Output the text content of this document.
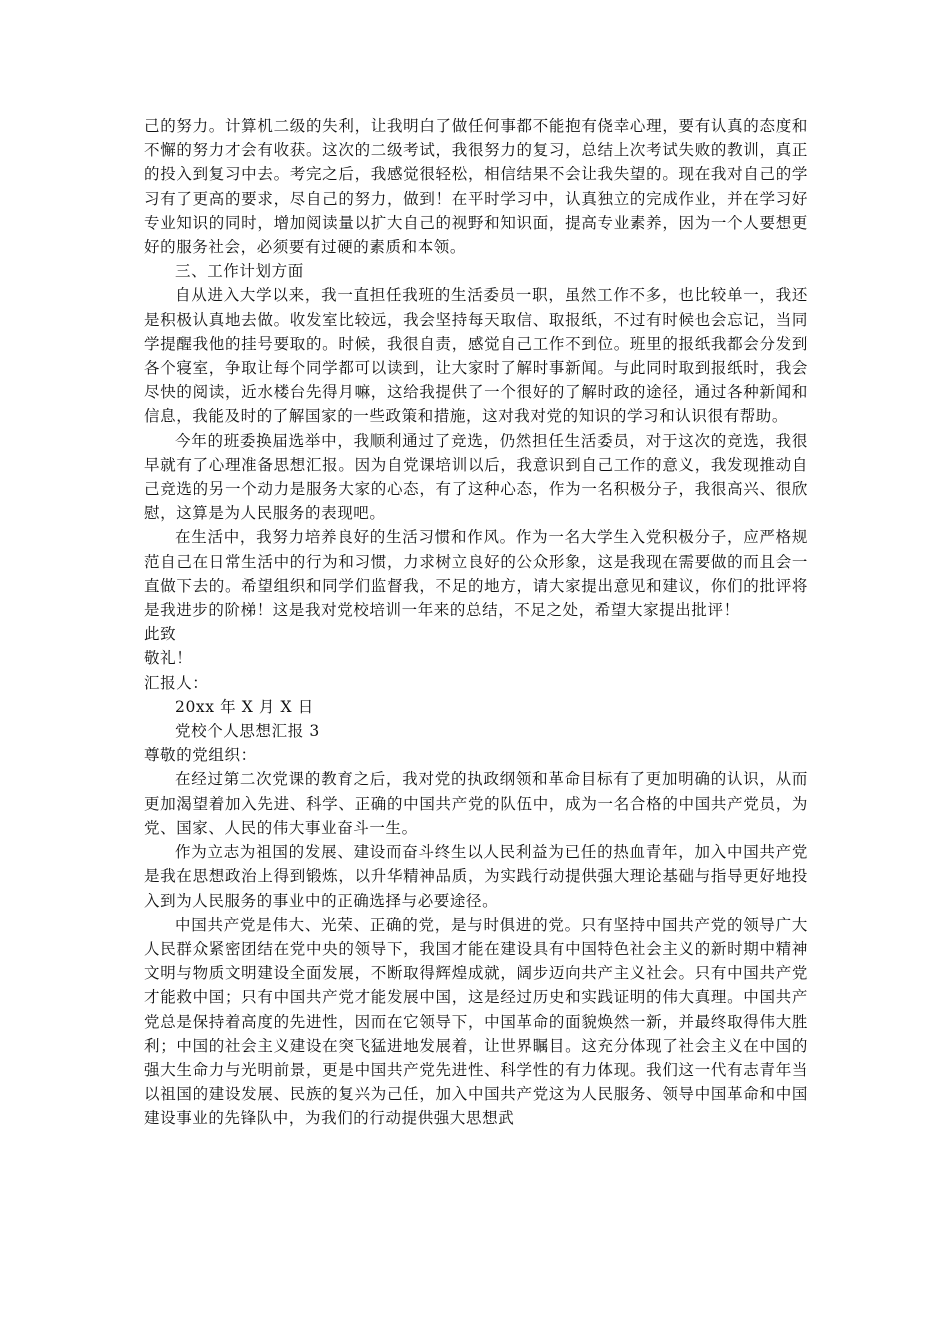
己的努力。计算机二级的失利，让我明白了做任何事都不能抱有侥幸心理，要有认真的态度和不懈的努力才会有收获。这次的二级考试，我很努力的复习，总结上次考试失败的教训，真正的投入到复习中去。考完之后，我感觉很轻松，相信结果不会让我失望的。现在我对自己的学习有了更高的要求，尽自己的努力，做到！在平时学习中，认真独立的完成作业，并在学习好专业知识的同时，增加阅读量以扩大自己的视野和知识面，提高专业素养，因为一个人要想更好的服务社会，必须要有过硬的素质和本领。

三、工作计划方面

自从进入大学以来，我一直担任我班的生活委员一职，虽然工作不多，也比较单一，我还是积极认真地去做。收发室比较远，我会坚持每天取信、取报纸，不过有时候也会忘记，当同学提醒我他的挂号要取的。时候，我很自责，感觉自己工作不到位。班里的报纸我都会分发到各个寝室，争取让每个同学都可以读到，让大家时了解时事新闻。与此同时取到报纸时，我会尽快的阅读，近水楼台先得月嘛，这给我提供了一个很好的了解时政的途径，通过各种新闻和信息，我能及时的了解国家的一些政策和措施，这对我对党的知识的学习和认识很有帮助。

今年的班委换届选举中，我顺利通过了竞选，仍然担任生活委员，对于这次的竞选，我很早就有了心理准备思想汇报。因为自党课培训以后，我意识到自己工作的意义，我发现推动自己竞选的另一个动力是服务大家的心态，有了这种心态，作为一名积极分子，我很高兴、很欣慰，这算是为人民服务的表现吧。

在生活中，我努力培养良好的生活习惯和作风。作为一名大学生入党积极分子，应严格规范自己在日常生活中的行为和习惯，力求树立良好的公众形象，这是我现在需要做的而且会一直做下去的。希望组织和同学们监督我，不足的地方，请大家提出意见和建议，你们的批评将是我进步的阶梯！这是我对党校培训一年来的总结，不足之处，希望大家提出批评！

此致

敬礼！

汇报人：

20xx 年 X 月 X 日

党校个人思想汇报 3

尊敬的党组织：

在经过第二次党课的教育之后，我对党的执政纲领和革命目标有了更加明确的认识，从而更加渴望着加入先进、科学、正确的中国共产党的队伍中，成为一名合格的中国共产党员，为党、国家、人民的伟大事业奋斗一生。

作为立志为祖国的发展、建设而奋斗终生以人民利益为已任的热血青年，加入中国共产党是我在思想政治上得到锻炼，以升华精神品质，为实践行动提供强大理论基础与指导更好地投入到为人民服务的事业中的正确选择与必要途径。

中国共产党是伟大、光荣、正确的党，是与时俱进的党。只有坚持中国共产党的领导广大人民群众紧密团结在党中央的领导下，我国才能在建设具有中国特色社会主义的新时期中精神文明与物质文明建设全面发展，不断取得辉煌成就，阔步迈向共产主义社会。只有中国共产党才能救中国；只有中国共产党才能发展中国，这是经过历史和实践证明的伟大真理。中国共产党总是保持着高度的先进性，因而在它领导下，中国革命的面貌焕然一新，并最终取得伟大胜利；中国的社会主义建设在突飞猛进地发展着，让世界瞩目。这充分体现了社会主义在中国的强大生命力与光明前景，更是中国共产党先进性、科学性的有力体现。我们这一代有志青年当以祖国的建设发展、民族的复兴为己任，加入中国共产党这为人民服务、领导中国革命和中国建设事业的先锋队中，为我们的行动提供强大思想武
